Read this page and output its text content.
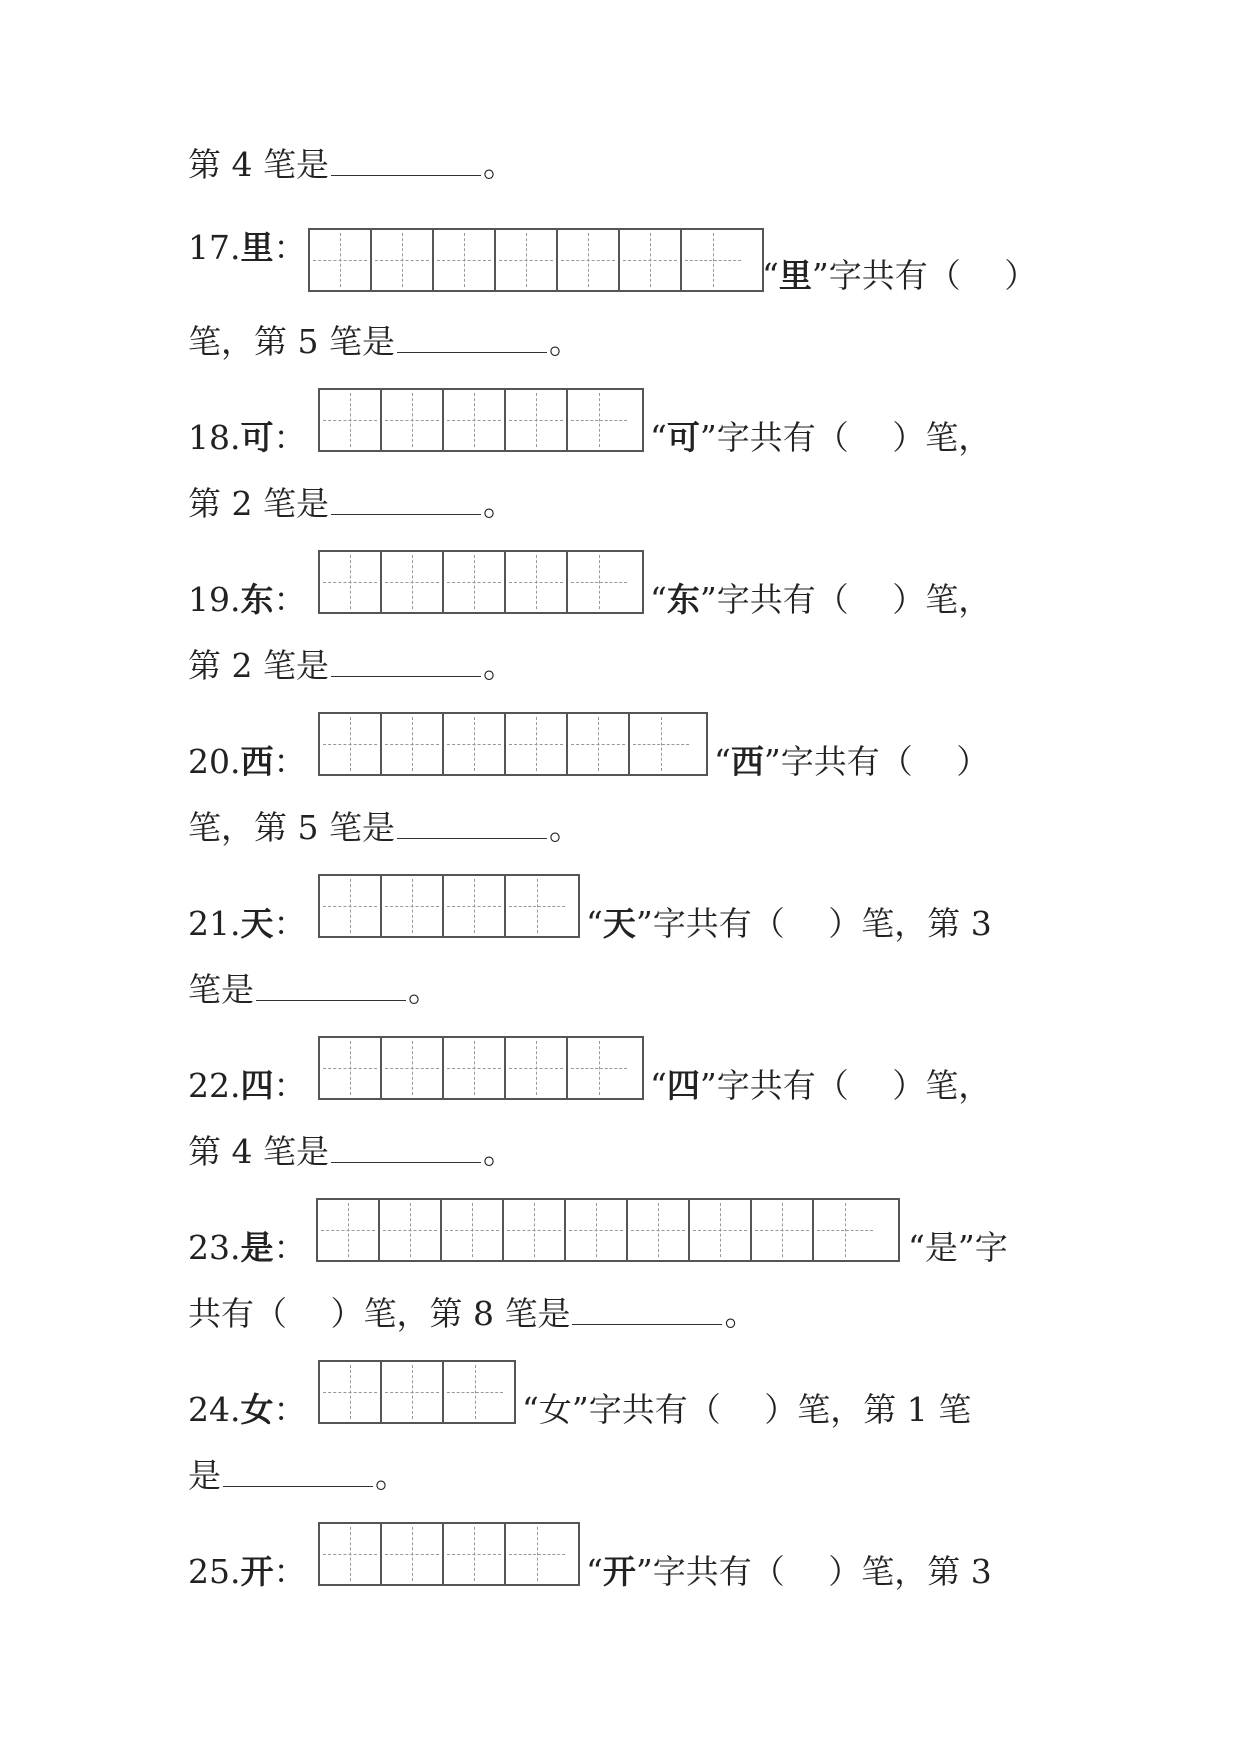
第 4 笔是	。
17.里：
“里”字共有（　 ）
笔，第 5 笔是	。
18.可：	“可”字共有（　 ）笔，
第 2 笔是	。
19.东：	“东”字共有（　 ）笔，
第 2 笔是	。
20.西：	“西”字共有（　 ）
笔，第 5 笔是	。
21.天：	“天”字共有（　 ）笔，第 3
笔是	。
22.四：	“四”字共有（　 ）笔，
第 4 笔是	。
23.是：	“是”字
共有（　 ）笔，第 8 笔是	。
24.女：	“女”字共有（　 ）笔，第 1 笔
是	。
25.开：	“开”字共有（　 ）笔，第 3
